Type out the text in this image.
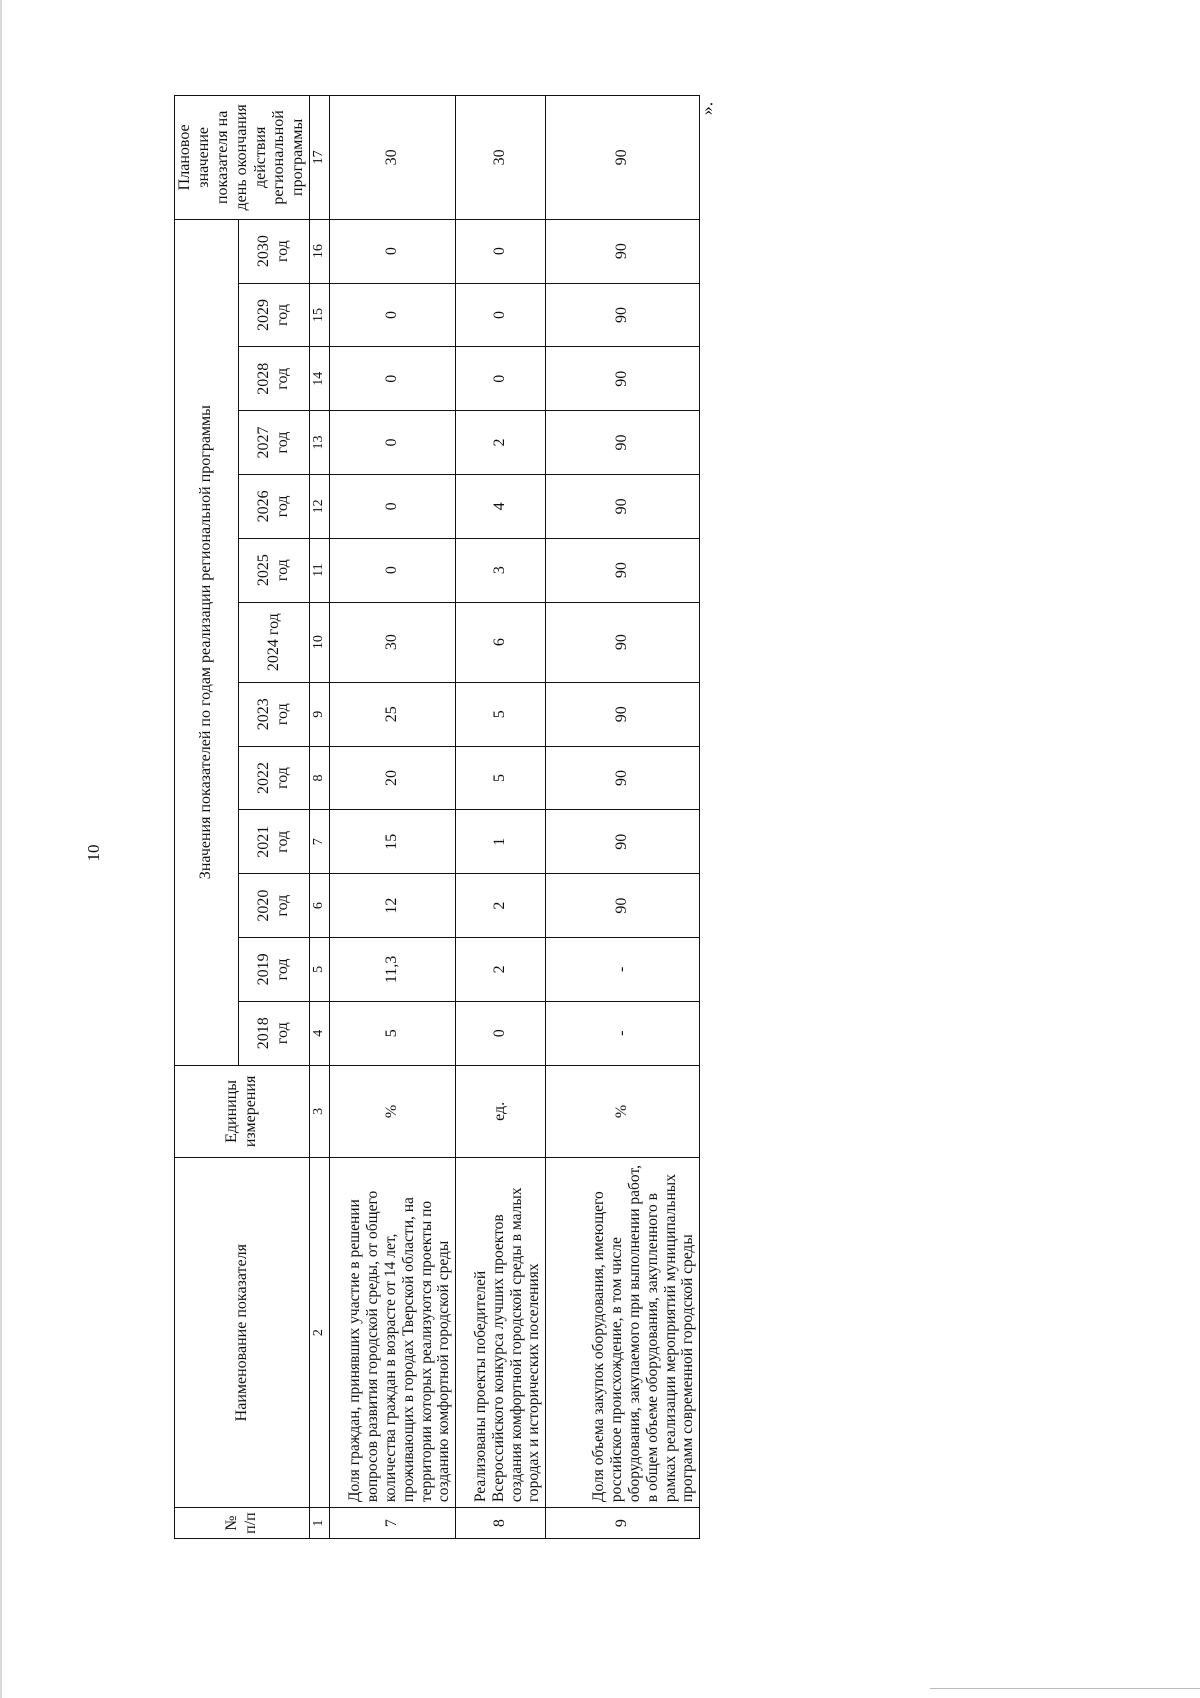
10
».
№ п/п	Наименование показателя	Единицы измерения	Значения показателей по годам реализации региональной программы													Плановое значение показателя на день окончания действия региональной программы
			2018 год	2019 год	2020 год	2021 год	2022 год	2023 год	2024 год	2025 год	2026 год	2027 год	2028 год	2029 год	2030 год	
1	2	3	4	5	6	7	8	9	10	11	12	13	14	15	16	17
7	Доля граждан, принявших участие в решении вопросов развития городской среды, от общего количества граждан в возрасте от 14 лет, проживающих в городах Тверской области, на территории которых реализуются проекты по созданию комфортной городской среды	%	5	11,3	12	15	20	25	30	0	0	0	0	0	0	30
8	Реализованы проекты победителей Всероссийского конкурса лучших проектов создания комфортной городской среды в малых городах и исторических поселениях	ед.	0	2	2	1	5	5	6	3	4	2	0	0	0	30
9	Доля объема закупок оборудования, имеющего российское происхождение, в том числе оборудования, закупаемого при выполнении работ, в общем объеме оборудования, закупленного в рамках реализации мероприятий муниципальных программ современной городской среды	%	-	-	90	90	90	90	90	90	90	90	90	90	90	90
